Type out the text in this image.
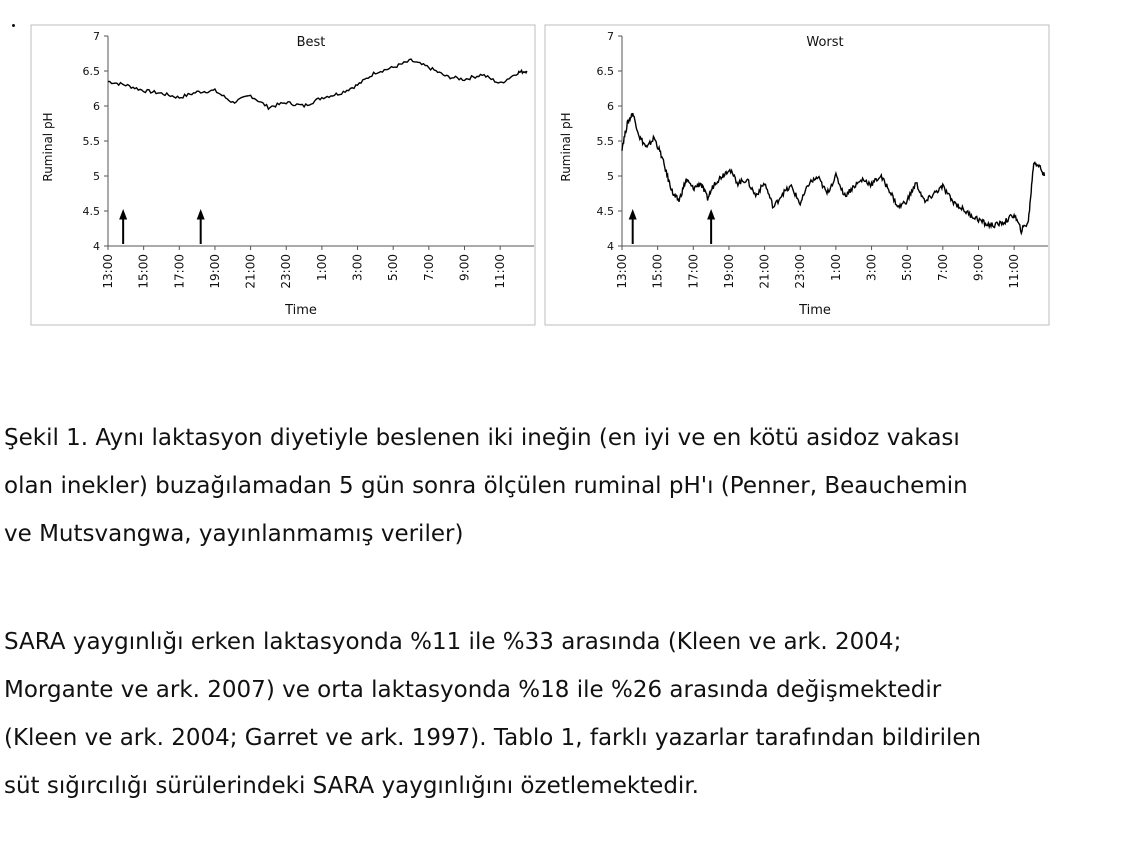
Best
4
4.5
5
5.5
6
6.5
7
Ruminal pH
13:00 15:00 17:00 19:00 21:00 23:00 1:00 3:00 5:00 7:00 9:00 11:00
Time
Worst
4
4.5
5
5.5
6
6.5
7
Ruminal pH
13:00 15:00 17:00 19:00 21:00 23:00 1:00 3:00 5:00 7:00 9:00 11:00
Time
Şekil 1. Aynı laktasyon diyetiyle beslenen iki ineğin (en iyi ve en kötü asidoz vakası
olan inekler) buzağılamadan 5 gün sonra ölçülen ruminal pH'ı (Penner, Beauchemin
ve Mutsvangwa, yayınlanmamış veriler)
SARA yaygınlığı erken laktasyonda %11 ile %33 arasında (Kleen ve ark. 2004;
Morgante ve ark. 2007) ve orta laktasyonda %18 ile %26 arasında değişmektedir
(Kleen ve ark. 2004; Garret ve ark. 1997). Tablo 1, farklı yazarlar tarafından bildirilen
süt sığırcılığı sürülerindeki SARA yaygınlığını özetlemektedir.
